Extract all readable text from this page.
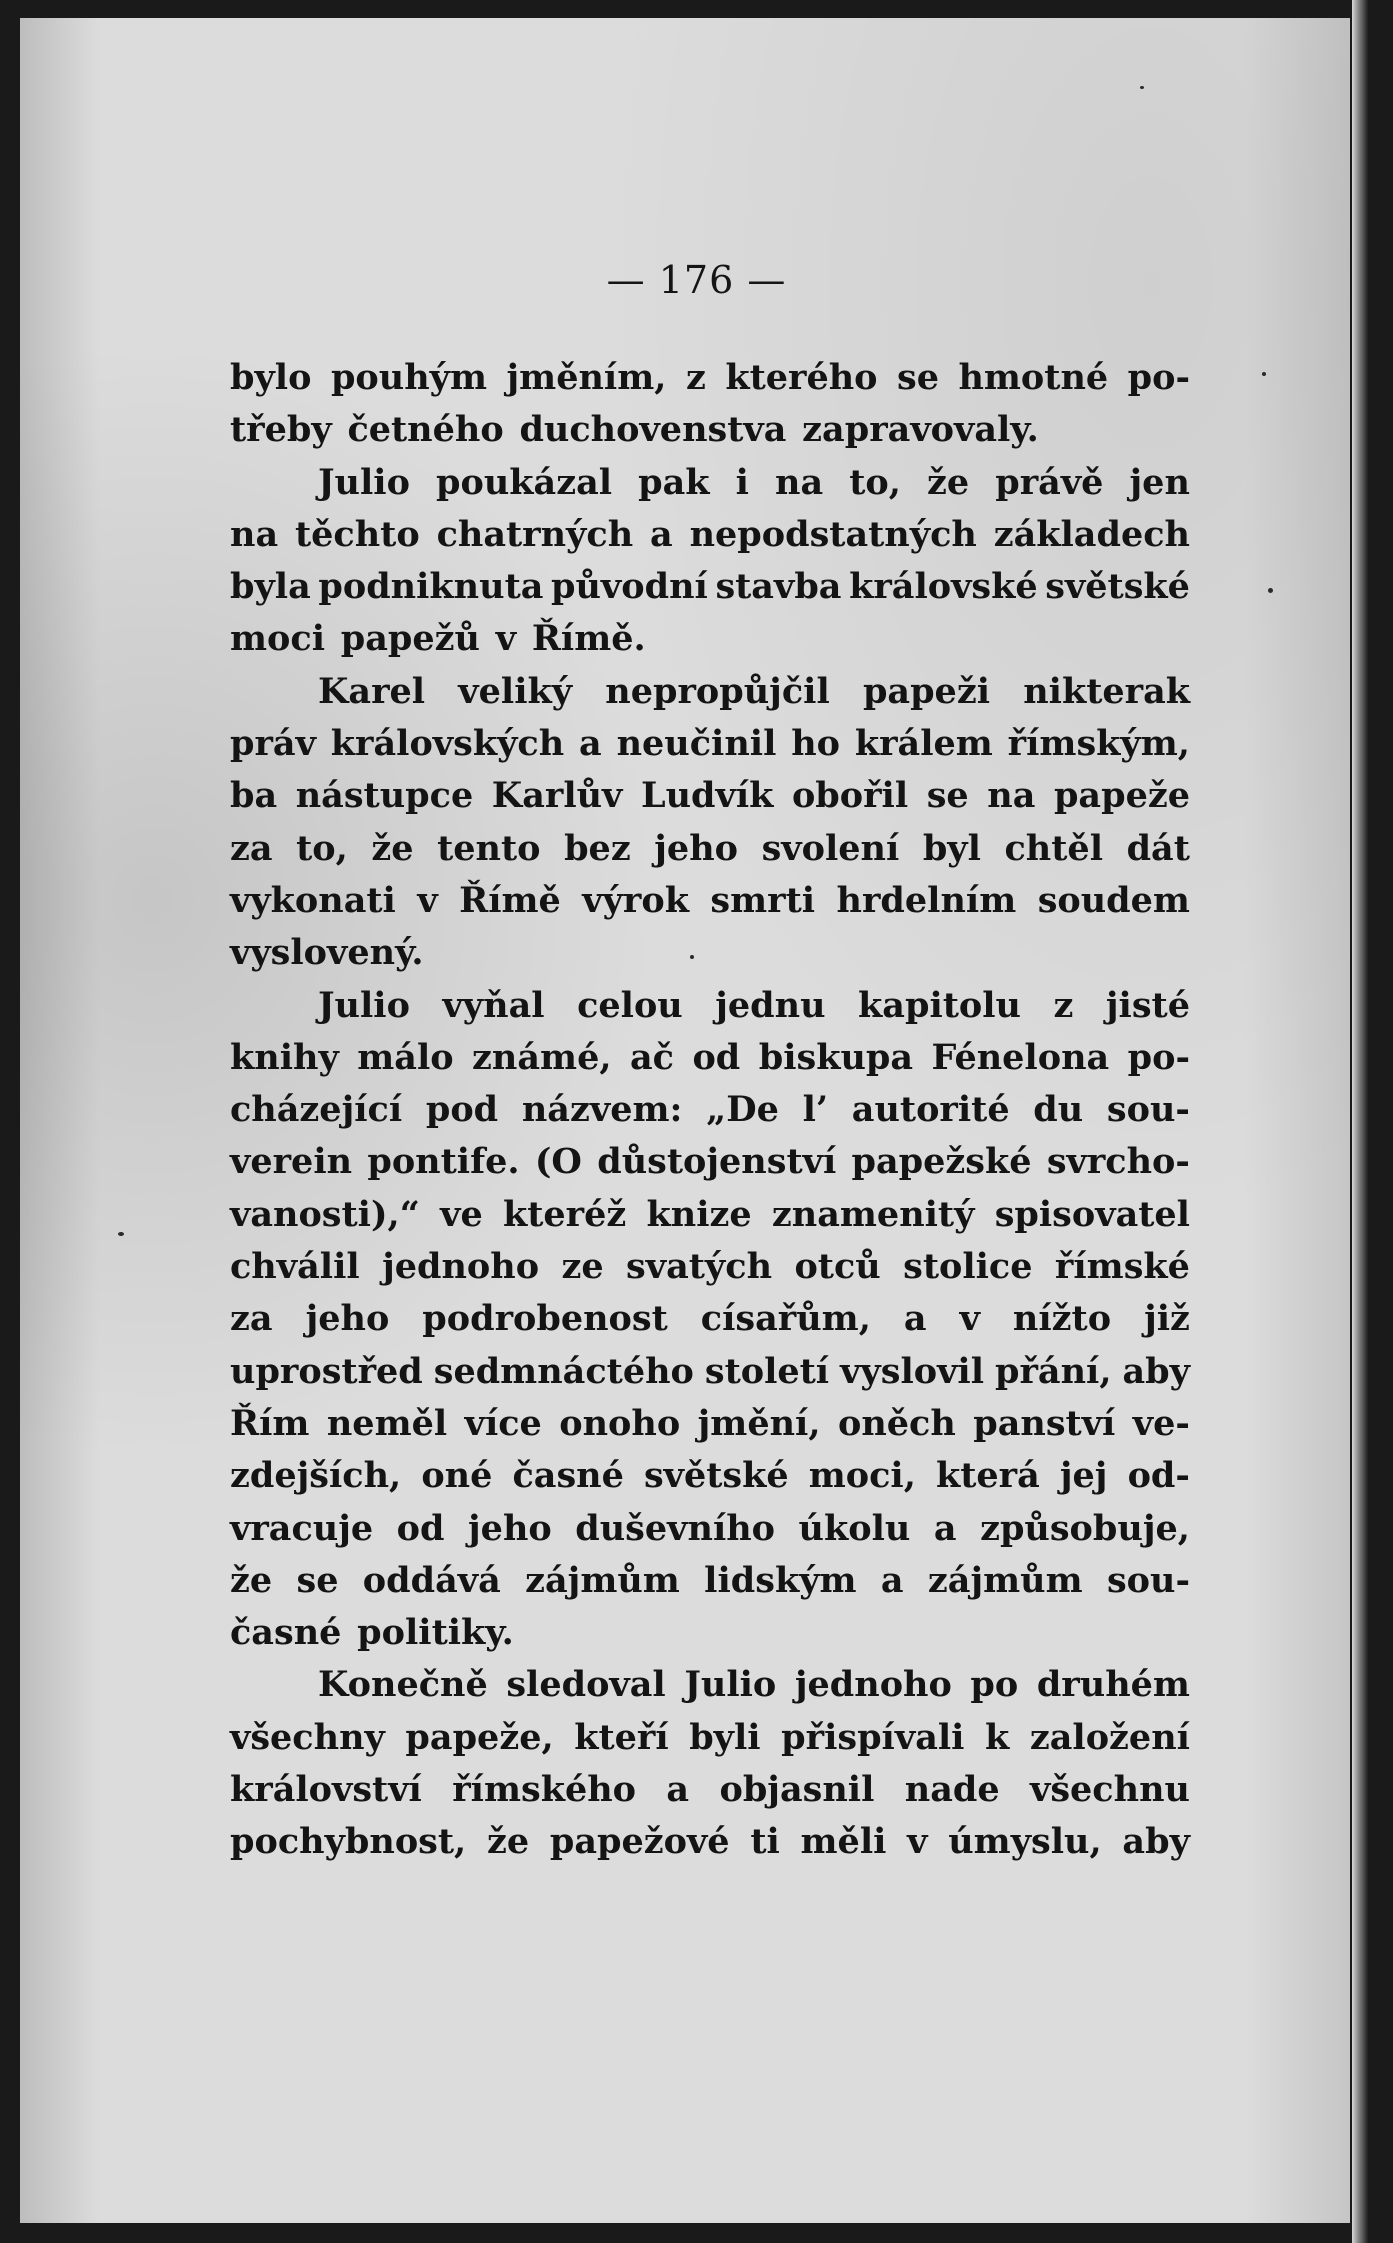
— 176 —
bylo pouhým jměním, z kterého se hmotné po-
třeby četného duchovenstva zapravovaly.
Julio poukázal pak i na to, že právě jen
na těchto chatrných a nepodstatných základech
byla podniknuta původní stavba královské světské
moci papežů v Římě.
Karel veliký nepropůjčil papeži nikterak
práv královských a neučinil ho králem římským,
ba nástupce Karlův Ludvík obořil se na papeže
za to, že tento bez jeho svolení byl chtěl dát
vykonati v Římě výrok smrti hrdelním soudem
vyslovený.
Julio vyňal celou jednu kapitolu z jisté
knihy málo známé, ač od biskupa Fénelona po-
cházející pod názvem: „De l’ autorité du sou-
verein pontife. (O důstojenství papežské svrcho-
vanosti),“ ve kteréž knize znamenitý spisovatel
chválil jednoho ze svatých otců stolice římské
za jeho podrobenost císařům, a v nížto již
uprostřed sedmnáctého století vyslovil přání, aby
Řím neměl více onoho jmění, oněch panství ve-
zdejších, oné časné světské moci, která jej od-
vracuje od jeho duševního úkolu a způsobuje,
že se oddává zájmům lidským a zájmům sou-
časné politiky.
Konečně sledoval Julio jednoho po druhém
všechny papeže, kteří byli přispívali k založení
království římského a objasnil nade všechnu
pochybnost, že papežové ti měli v úmyslu, aby
